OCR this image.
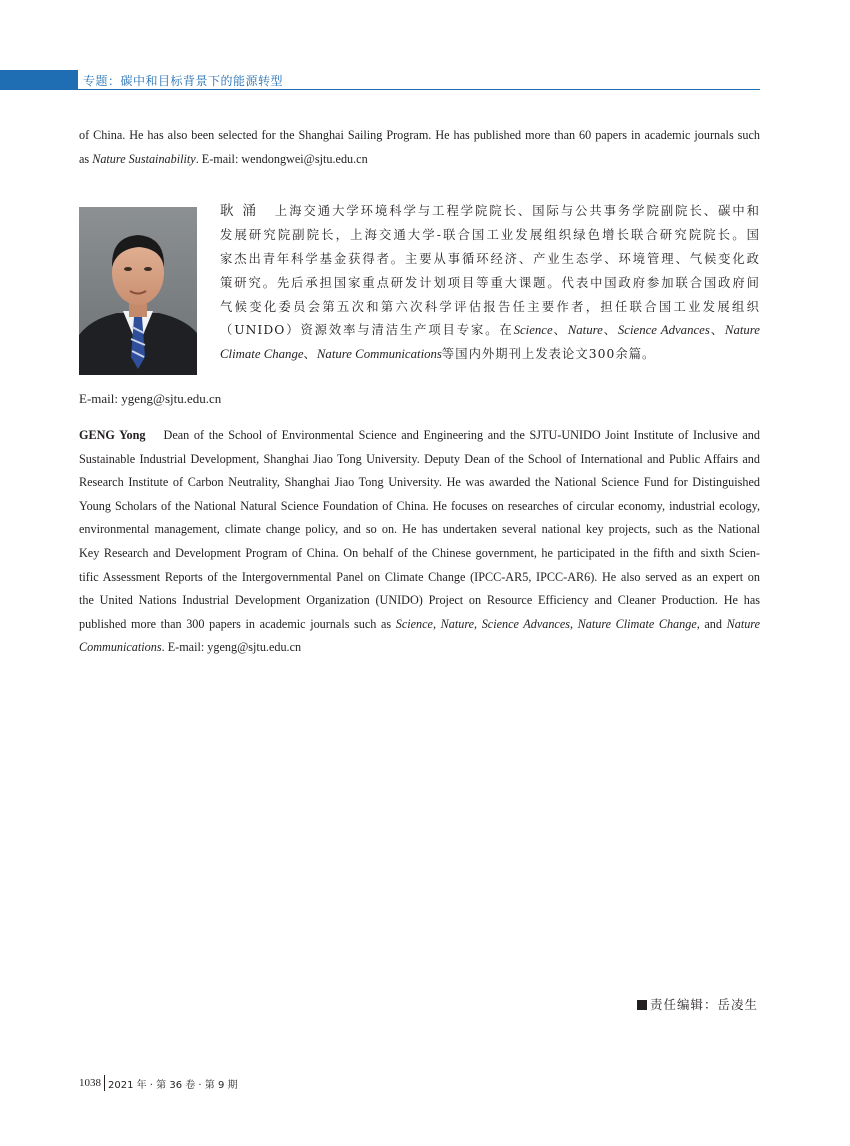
专题：碳中和目标背景下的能源转型
of China. He has also been selected for the Shanghai Sailing Program. He has published more than 60 papers in academic journals such
as Nature Sustainability. E-mail: wendongwei@sjtu.edu.cn
耿涌 上海交通大学环境科学与工程学院院长、国际与公共事务学院副院长、碳中和
发展研究院副院长，上海交通大学-联合国工业发展组织绿色增长联合研究院院长。国
家杰出青年科学基金获得者。主要从事循环经济、产业生态学、环境管理、气候变化政
策研究。先后承担国家重点研发计划项目等重大课题。代表中国政府参加联合国政府间
气候变化委员会第五次和第六次科学评估报告任主要作者，担任联合国工业发展组织
（UNIDO）资源效率与清洁生产项目专家。在Science、Nature、Science Advances、Nature
Climate Change、Nature Communications等国内外期刊上发表论文300余篇。
E-mail: ygeng@sjtu.edu.cn
GENG Yong Dean of the School of Environmental Science and Engineering and the SJTU-UNIDO Joint Institute of Inclusive and
Sustainable Industrial Development, Shanghai Jiao Tong University. Deputy Dean of the School of International and Public Affairs and
Research Institute of Carbon Neutrality, Shanghai Jiao Tong University. He was awarded the National Science Fund for Distinguished
Young Scholars of the National Natural Science Foundation of China. He focuses on researches of circular economy, industrial ecology,
environmental management, climate change policy, and so on. He has undertaken several national key projects, such as the National
Key Research and Development Program of China. On behalf of the Chinese government, he participated in the fifth and sixth Scien-
tific Assessment Reports of the Intergovernmental Panel on Climate Change (IPCC-AR5, IPCC-AR6). He also served as an expert on
the United Nations Industrial Development Organization (UNIDO) Project on Resource Efficiency and Cleaner Production. He has
published more than 300 papers in academic journals such as Science, Nature, Science Advances, Nature Climate Change, and Nature
Communications. E-mail: ygeng@sjtu.edu.cn
责任编辑：岳凌生
1038 2021 年 · 第 36 卷 · 第 9 期
